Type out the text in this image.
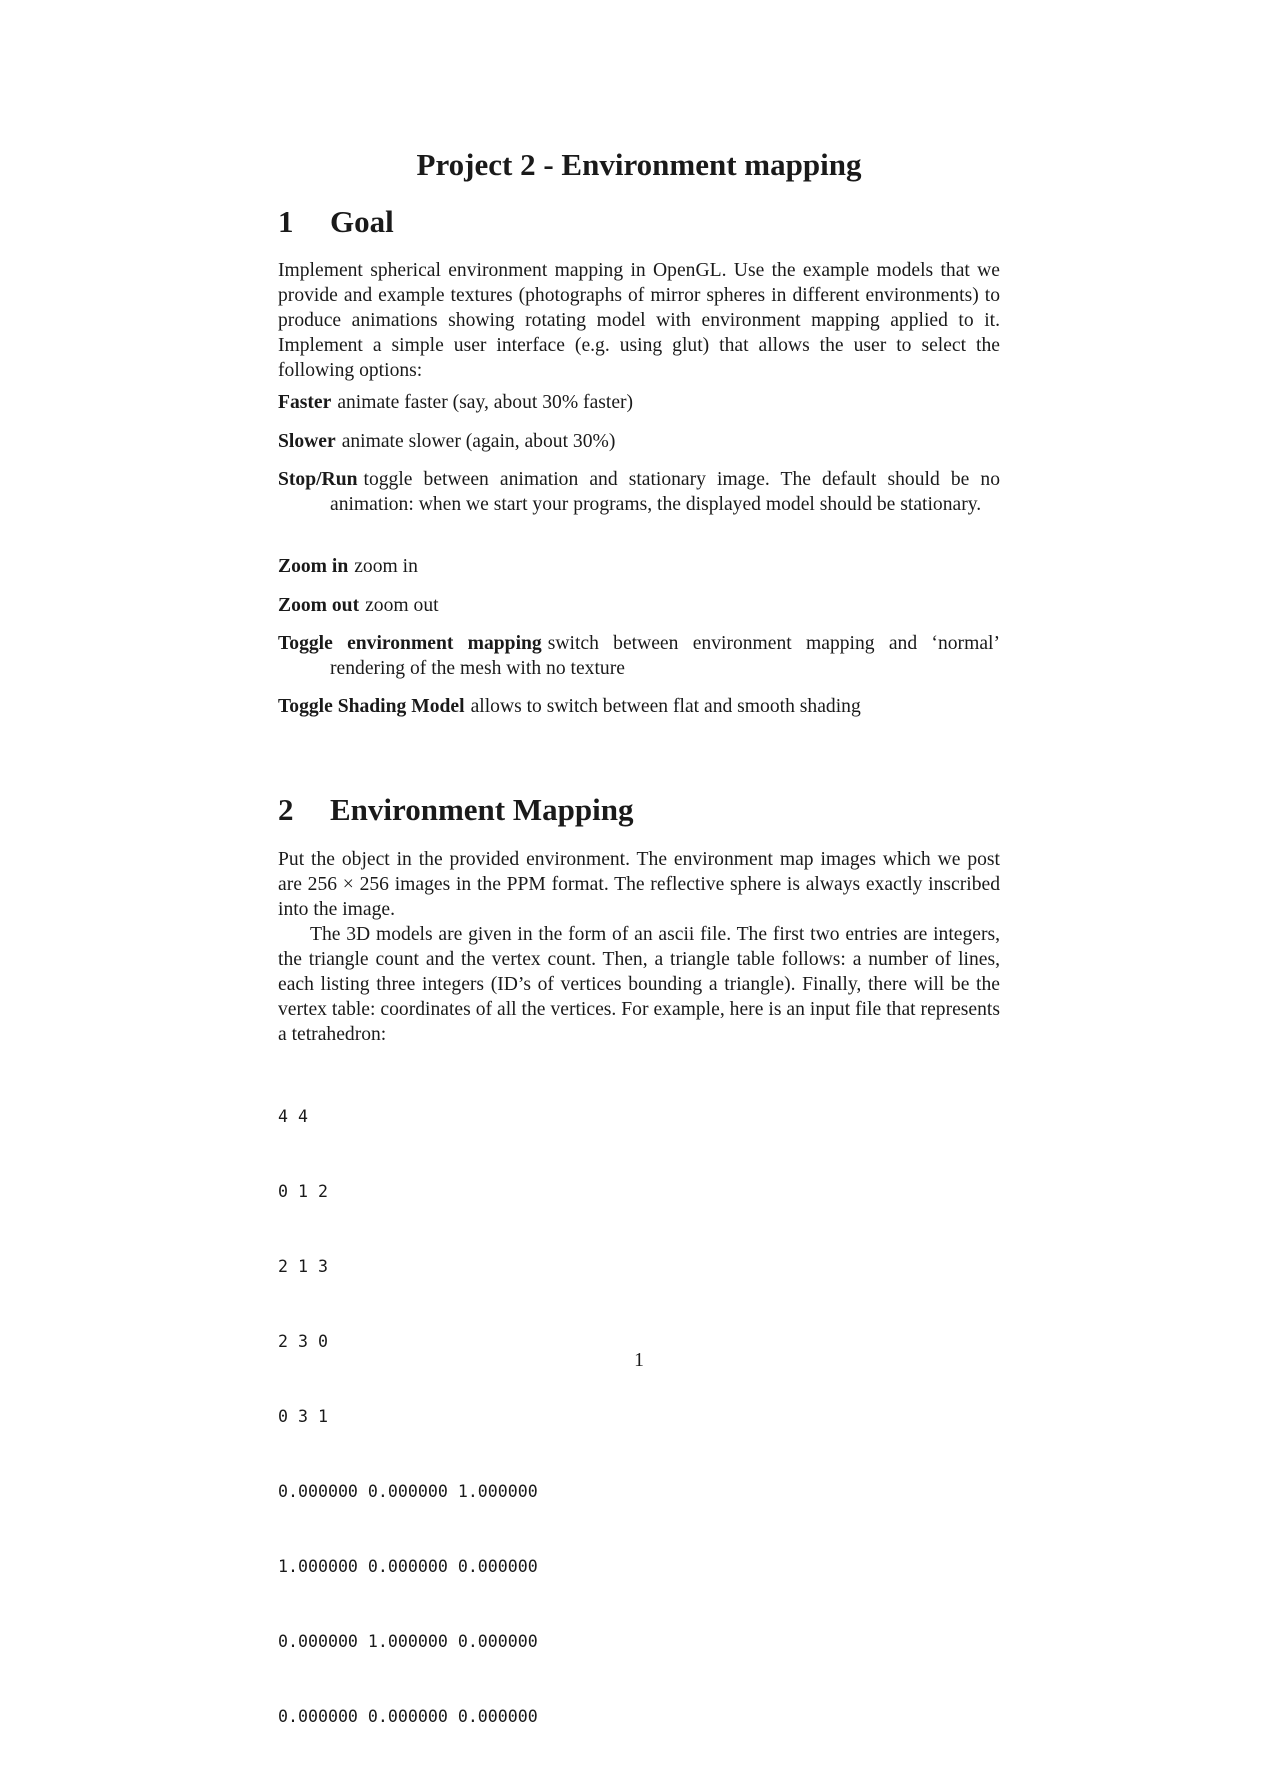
Project 2 - Environment mapping
1 Goal

Implement spherical environment mapping in OpenGL. Use the example models that we provide and example textures (photographs of mirror spheres in different environments) to produce animations showing rotating model with environment mapping applied to it. Implement a simple user interface (e.g. using glut) that allows the user to select the following options:

Faster animate faster (say, about 30% faster)

Slower animate slower (again, about 30%)

Stop/Run toggle between animation and stationary image. The default should be no animation: when we start your programs, the displayed model should be stationary.

Zoom in zoom in

Zoom out zoom out

Toggle environment mapping switch between environment mapping and ‘normal’ rendering of the mesh with no texture

Toggle Shading Model allows to switch between flat and smooth shading

2 Environment Mapping

Put the object in the provided environment. The environment map images which we post are 256 × 256 images in the PPM format. The reflective sphere is always exactly inscribed into the image.

The 3D models are given in the form of an ascii file. The first two entries are integers, the triangle count and the vertex count. Then, a triangle table follows: a number of lines, each listing three integers (ID’s of vertices bounding a triangle). Finally, there will be the vertex table: coordinates of all the vertices. For example, here is an input file that represents a tetrahedron:

4 4

0 1 2

2 1 3

2 3 0

0 3 1

0.000000 0.000000 1.000000

1.000000 0.000000 0.000000

0.000000 1.000000 0.000000

0.000000 0.000000 0.000000

1
